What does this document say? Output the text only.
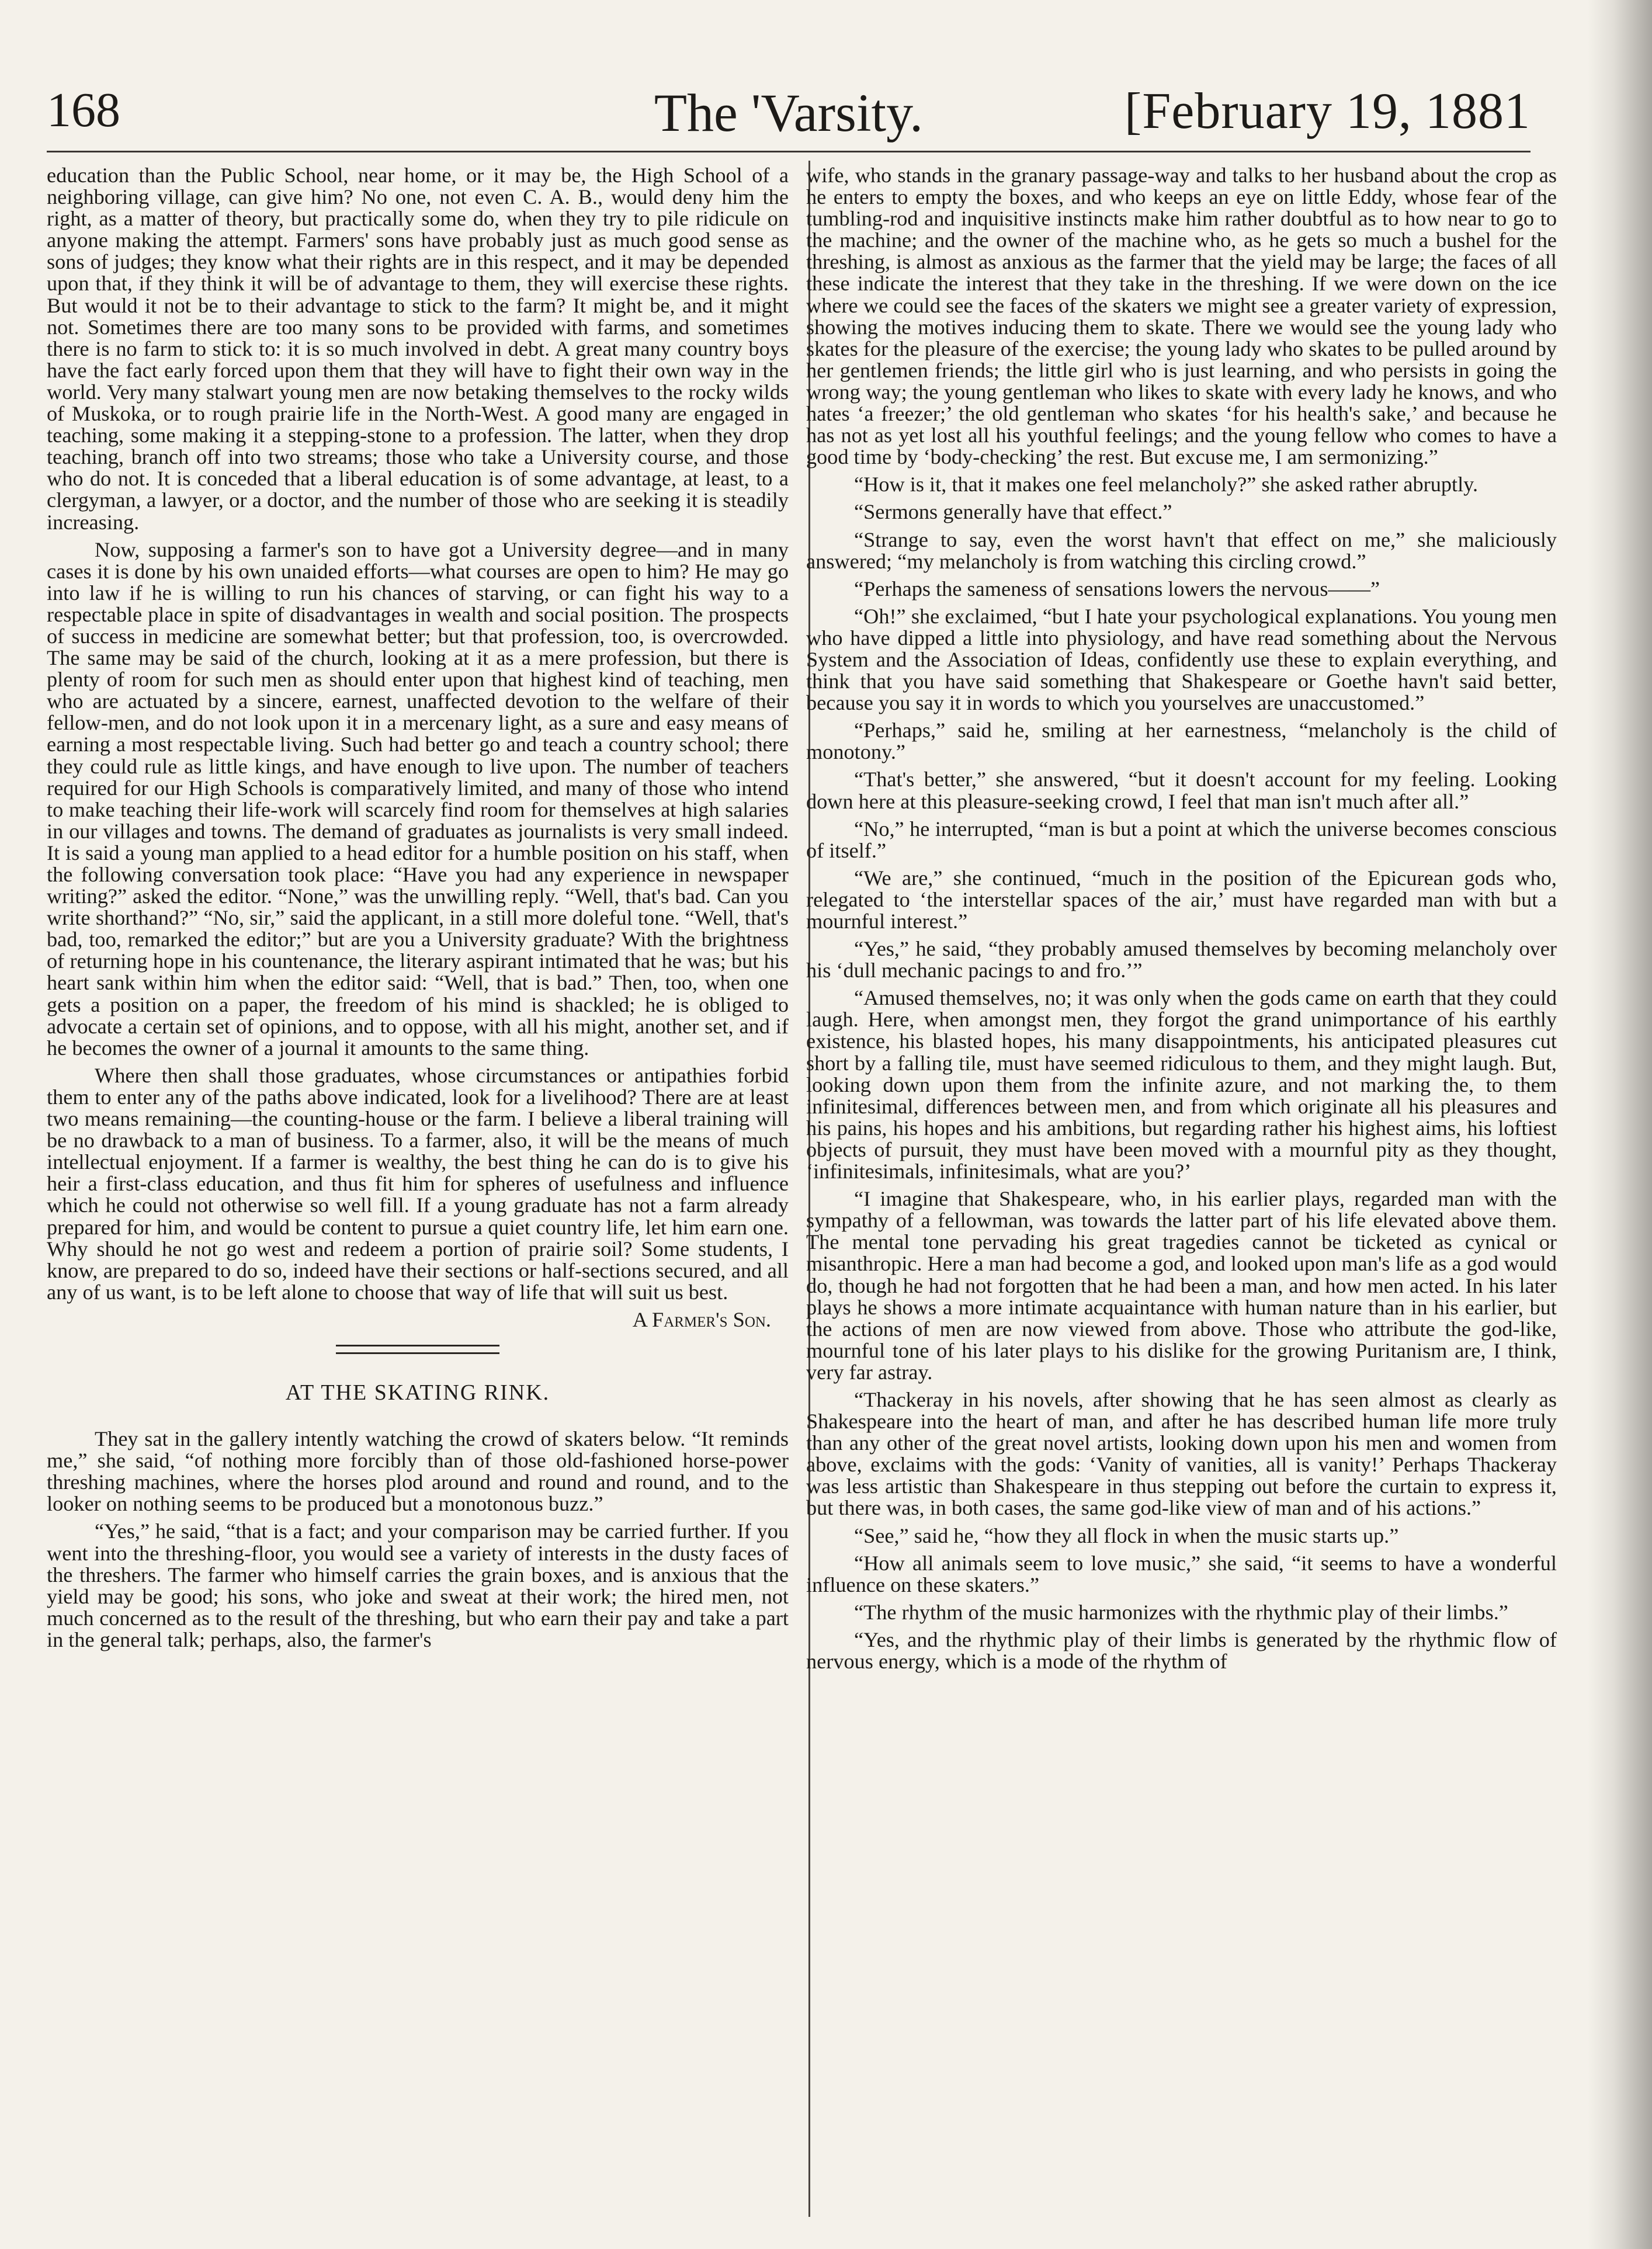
168	The 'Varsity.	[February 19, 1881

education than the Public School, near home, or it may be, the High School of a neighboring village, can give him? No one, not even C. A. B., would deny him the right, as a matter of theory, but practically some do, when they try to pile ridicule on anyone making the attempt. Farmers' sons have probably just as much good sense as sons of judges; they know what their rights are in this respect, and it may be depended upon that, if they think it will be of advantage to them, they will exercise these rights. But would it not be to their advantage to stick to the farm? It might be, and it might not. Sometimes there are too many sons to be provided with farms, and sometimes there is no farm to stick to: it is so much involved in debt. A great many country boys have the fact early forced upon them that they will have to fight their own way in the world. Very many stalwart young men are now betaking themselves to the rocky wilds of Muskoka, or to rough prairie life in the North-West. A good many are engaged in teaching, some making it a stepping-stone to a profession. The latter, when they drop teaching, branch off into two streams; those who take a University course, and those who do not. It is conceded that a liberal education is of some advantage, at least, to a clergyman, a lawyer, or a doctor, and the number of those who are seeking it is steadily increasing.

Now, supposing a farmer's son to have got a University degree—and in many cases it is done by his own unaided efforts—what courses are open to him? He may go into law if he is willing to run his chances of starving, or can fight his way to a respectable place in spite of disadvantages in wealth and social position. The prospects of success in medicine are somewhat better; but that profession, too, is overcrowded. The same may be said of the church, looking at it as a mere profession, but there is plenty of room for such men as should enter upon that highest kind of teaching, men who are actuated by a sincere, earnest, unaffected devotion to the welfare of their fellow-men, and do not look upon it in a mercenary light, as a sure and easy means of earning a most respectable living. Such had better go and teach a country school; there they could rule as little kings, and have enough to live upon. The number of teachers required for our High Schools is comparatively limited, and many of those who intend to make teaching their life-work will scarcely find room for themselves at high salaries in our villages and towns. The demand of graduates as journalists is very small indeed. It is said a young man applied to a head editor for a humble position on his staff, when the following conversation took place: “Have you had any experience in newspaper writing?” asked the editor. “None,” was the unwilling reply. “Well, that's bad. Can you write shorthand?” “No, sir,” said the applicant, in a still more doleful tone. “Well, that's bad, too, remarked the editor;” but are you a University graduate? With the brightness of returning hope in his countenance, the literary aspirant intimated that he was; but his heart sank within him when the editor said: “Well, that is bad.” Then, too, when one gets a position on a paper, the freedom of his mind is shackled; he is obliged to advocate a certain set of opinions, and to oppose, with all his might, another set, and if he becomes the owner of a journal it amounts to the same thing.

Where then shall those graduates, whose circumstances or antipathies forbid them to enter any of the paths above indicated, look for a livelihood? There are at least two means remaining—the counting-house or the farm. I believe a liberal training will be no drawback to a man of business. To a farmer, also, it will be the means of much intellectual enjoyment. If a farmer is wealthy, the best thing he can do is to give his heir a first-class education, and thus fit him for spheres of usefulness and influence which he could not otherwise so well fill. If a young graduate has not a farm already prepared for him, and would be content to pursue a quiet country life, let him earn one. Why should he not go west and redeem a portion of prairie soil? Some students, I know, are prepared to do so, indeed have their sections or half-sections secured, and all any of us want, is to be left alone to choose that way of life that will suit us best.

A Farmer's Son.

AT THE SKATING RINK.

They sat in the gallery intently watching the crowd of skaters below. “It reminds me,” she said, “of nothing more forcibly than of those old-fashioned horse-power threshing machines, where the horses plod around and round and round, and to the looker on nothing seems to be produced but a monotonous buzz.”

“Yes,” he said, “that is a fact; and your comparison may be carried further. If you went into the threshing-floor, you would see a variety of interests in the dusty faces of the threshers. The farmer who himself carries the grain boxes, and is anxious that the yield may be good; his sons, who joke and sweat at their work; the hired men, not much concerned as to the result of the threshing, but who earn their pay and take a part in the general talk; perhaps, also, the farmer's

wife, who stands in the granary passage-way and talks to her husband about the crop as he enters to empty the boxes, and who keeps an eye on little Eddy, whose fear of the tumbling-rod and inquisitive instincts make him rather doubtful as to how near to go to the machine; and the owner of the machine who, as he gets so much a bushel for the threshing, is almost as anxious as the farmer that the yield may be large; the faces of all these indicate the interest that they take in the threshing. If we were down on the ice where we could see the faces of the skaters we might see a greater variety of expression, showing the motives inducing them to skate. There we would see the young lady who skates for the pleasure of the exercise; the young lady who skates to be pulled around by her gentlemen friends; the little girl who is just learning, and who persists in going the wrong way; the young gentleman who likes to skate with every lady he knows, and who hates ‘a freezer;’ the old gentleman who skates ‘for his health's sake,’ and because he has not as yet lost all his youthful feelings; and the young fellow who comes to have a good time by ‘body-checking’ the rest. But excuse me, I am sermonizing.”

“How is it, that it makes one feel melancholy?” she asked rather abruptly.

“Sermons generally have that effect.”

“Strange to say, even the worst havn't that effect on me,” she maliciously answered; “my melancholy is from watching this circling crowd.”

“Perhaps the sameness of sensations lowers the nervous——”

“Oh!” she exclaimed, “but I hate your psychological explanations. You young men who have dipped a little into physiology, and have read something about the Nervous System and the Association of Ideas, confidently use these to explain everything, and think that you have said something that Shakespeare or Goethe havn't said better, because you say it in words to which you yourselves are unaccustomed.”

“Perhaps,” said he, smiling at her earnestness, “melancholy is the child of monotony.”

“That's better,” she answered, “but it doesn't account for my feeling. Looking down here at this pleasure-seeking crowd, I feel that man isn't much after all.”

“No,” he interrupted, “man is but a point at which the universe becomes conscious of itself.”

“We are,” she continued, “much in the position of the Epicurean gods who, relegated to ‘the interstellar spaces of the air,’ must have regarded man with but a mournful interest.”

“Yes,” he said, “they probably amused themselves by becoming melancholy over his ‘dull mechanic pacings to and fro.’”

“Amused themselves, no; it was only when the gods came on earth that they could laugh. Here, when amongst men, they forgot the grand unimportance of his earthly existence, his blasted hopes, his many disappointments, his anticipated pleasures cut short by a falling tile, must have seemed ridiculous to them, and they might laugh. But, looking down upon them from the infinite azure, and not marking the, to them infinitesimal, differences between men, and from which originate all his pleasures and his pains, his hopes and his ambitions, but regarding rather his highest aims, his loftiest objects of pursuit, they must have been moved with a mournful pity as they thought, ‘infinitesimals, infinitesimals, what are you?’

“I imagine that Shakespeare, who, in his earlier plays, regarded man with the sympathy of a fellowman, was towards the latter part of his life elevated above them. The mental tone pervading his great tragedies cannot be ticketed as cynical or misanthropic. Here a man had become a god, and looked upon man's life as a god would do, though he had not forgotten that he had been a man, and how men acted. In his later plays he shows a more intimate acquaintance with human nature than in his earlier, but the actions of men are now viewed from above. Those who attribute the god-like, mournful tone of his later plays to his dislike for the growing Puritanism are, I think, very far astray.

“Thackeray in his novels, after showing that he has seen almost as clearly as Shakespeare into the heart of man, and after he has described human life more truly than any other of the great novel artists, looking down upon his men and women from above, exclaims with the gods: ‘Vanity of vanities, all is vanity!’ Perhaps Thackeray was less artistic than Shakespeare in thus stepping out before the curtain to express it, but there was, in both cases, the same god-like view of man and of his actions.”

“See,” said he, “how they all flock in when the music starts up.”

“How all animals seem to love music,” she said, “it seems to have a wonderful influence on these skaters.”

“The rhythm of the music harmonizes with the rhythmic play of their limbs.”

“Yes, and the rhythmic play of their limbs is generated by the rhythmic flow of nervous energy, which is a mode of the rhythm of
